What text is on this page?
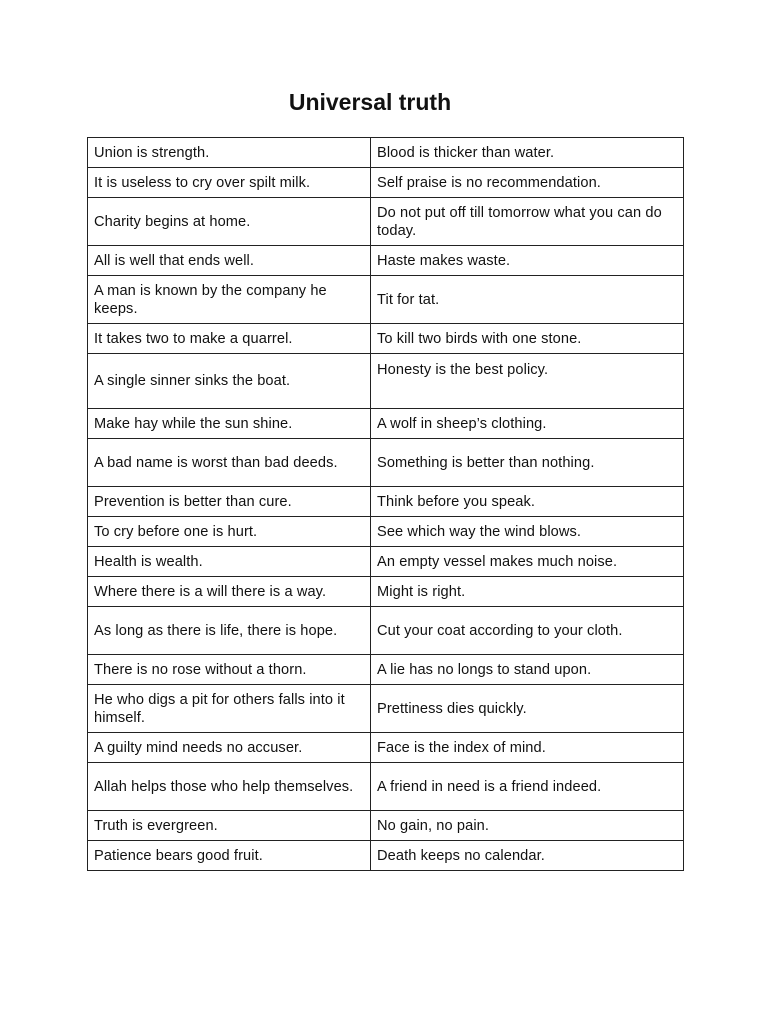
Universal truth
Union is strength.	Blood is thicker than water.
It is useless to cry over spilt milk.	Self praise is no recommendation.
Charity begins at home.	Do not put off till tomorrow what you can do today.
All is well that ends well.	Haste makes waste.
A man is known by the company he keeps.	Tit for tat.
It takes two to make a quarrel.	To kill two birds with one stone.
A single sinner sinks the boat.	Honesty is the best policy.
Make hay while the sun shine.	A wolf in sheep’s clothing.
A bad name is worst than bad deeds.	Something is better than nothing.
Prevention is better than cure.	Think before you speak.
To cry before one is hurt.	See which way the wind blows.
Health is wealth.	An empty vessel makes much noise.
Where there is a will there is a way.	Might is right.
As long as there is life, there is hope.	Cut your coat according to your cloth.
There is no rose without a thorn.	A lie has no longs to stand upon.
He who digs a pit for others falls into it himself.	Prettiness dies quickly.
A guilty mind needs no accuser.	Face is the index of mind.
Allah helps those who help themselves.	A friend in need is a friend indeed.
Truth is evergreen.	No gain, no pain.
Patience bears good fruit.	Death keeps no calendar.
